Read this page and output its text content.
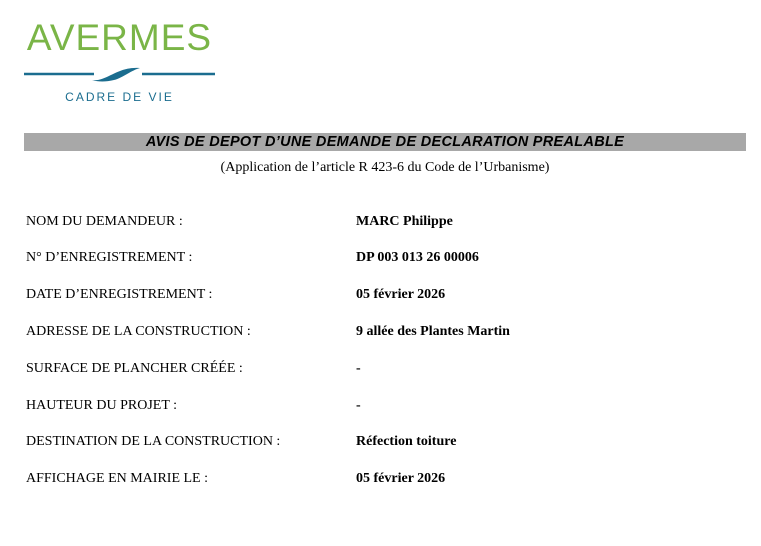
AVERMES
CADRE DE VIE
AVIS DE DEPOT D’UNE DEMANDE DE DECLARATION PREALABLE
(Application de l’article R 423-6 du Code de l’Urbanisme)
NOM DU DEMANDEUR :	MARC Philippe
N° D’ENREGISTREMENT :	DP 003 013 26 00006
DATE D’ENREGISTREMENT :	05 février 2026
ADRESSE DE LA CONSTRUCTION :	9 allée des Plantes Martin
SURFACE DE PLANCHER CRÉÉE :	-
HAUTEUR DU PROJET :	-
DESTINATION DE LA CONSTRUCTION :	Réfection toiture
AFFICHAGE EN MAIRIE LE :	05 février 2026
